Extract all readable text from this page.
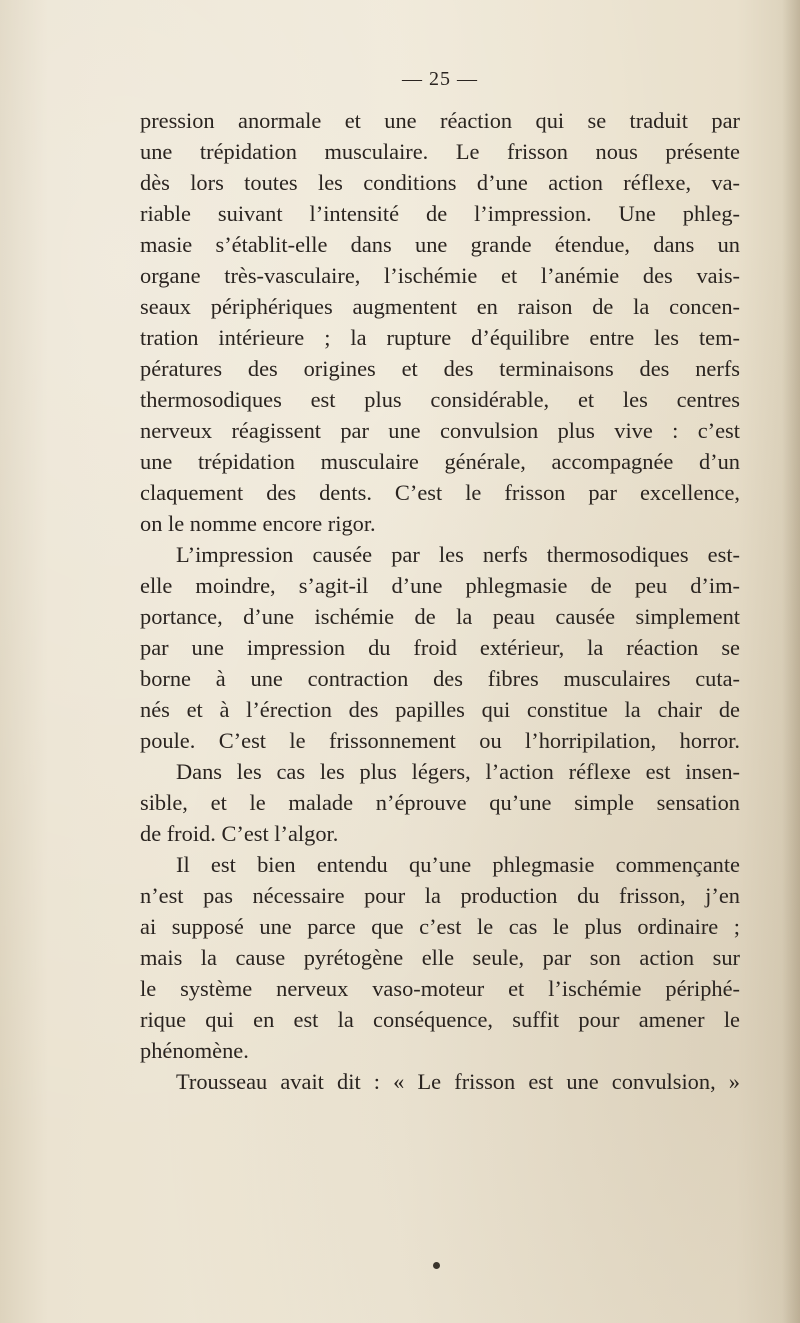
— 25 —
pression anormale et une réaction qui se traduit par
une trépidation musculaire. Le frisson nous présente
dès lors toutes les conditions d’une action réflexe, va-
riable suivant l’intensité de l’impression. Une phleg-
masie s’établit-elle dans une grande étendue, dans un
organe très-vasculaire, l’ischémie et l’anémie des vais-
seaux périphériques augmentent en raison de la concen-
tration intérieure ; la rupture d’équilibre entre les tem-
pératures des origines et des terminaisons des nerfs
thermosodiques est plus considérable, et les centres
nerveux réagissent par une convulsion plus vive : c’est
une trépidation musculaire générale, accompagnée d’un
claquement des dents. C’est le frisson par excellence,
on le nomme encore rigor.
L’impression causée par les nerfs thermosodiques est-
elle moindre, s’agit-il d’une phlegmasie de peu d’im-
portance, d’une ischémie de la peau causée simplement
par une impression du froid extérieur, la réaction se
borne à une contraction des fibres musculaires cuta-
nés et à l’érection des papilles qui constitue la chair de
poule. C’est le frissonnement ou l’horripilation, horror.
Dans les cas les plus légers, l’action réflexe est insen-
sible, et le malade n’éprouve qu’une simple sensation
de froid. C’est l’algor.
Il est bien entendu qu’une phlegmasie commençante
n’est pas nécessaire pour la production du frisson, j’en
ai supposé une parce que c’est le cas le plus ordinaire ;
mais la cause pyrétogène elle seule, par son action sur
le système nerveux vaso-moteur et l’ischémie périphé-
rique qui en est la conséquence, suffit pour amener le
phénomène.
Trousseau avait dit : « Le frisson est une convulsion, »
